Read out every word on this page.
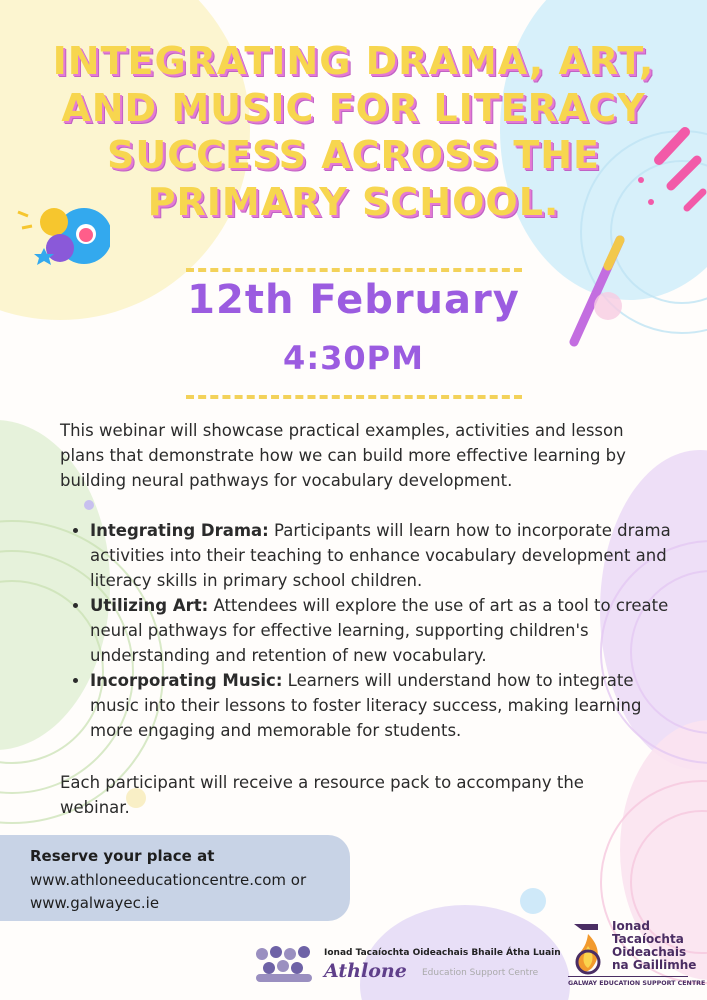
INTEGRATING DRAMA, ART, AND MUSIC FOR LITERACY SUCCESS ACROSS THE PRIMARY SCHOOL.
12th February
4:30PM

This webinar will showcase practical examples, activities and lesson plans that demonstrate how we can build more effective learning by building neural pathways for vocabulary development.

• Integrating Drama: Participants will learn how to incorporate drama activities into their teaching to enhance vocabulary development and literacy skills in primary school children.
• Utilizing Art: Attendees will explore the use of art as a tool to create neural pathways for effective learning, supporting children's understanding and retention of new vocabulary.
• Incorporating Music: Learners will understand how to integrate music into their lessons to foster literacy success, making learning more engaging and memorable for students.

Each participant will receive a resource pack to accompany the webinar.

Reserve your place at
www.athloneeducationcentre.com or
www.galwayec.ie
Ionad Tacaíochta Oideachais Bhaile Átha Luain
Athlone Education Support Centre
Ionad
Tacaíochta
Oideachais
na Gaillimhe
GALWAY EDUCATION SUPPORT CENTRE
